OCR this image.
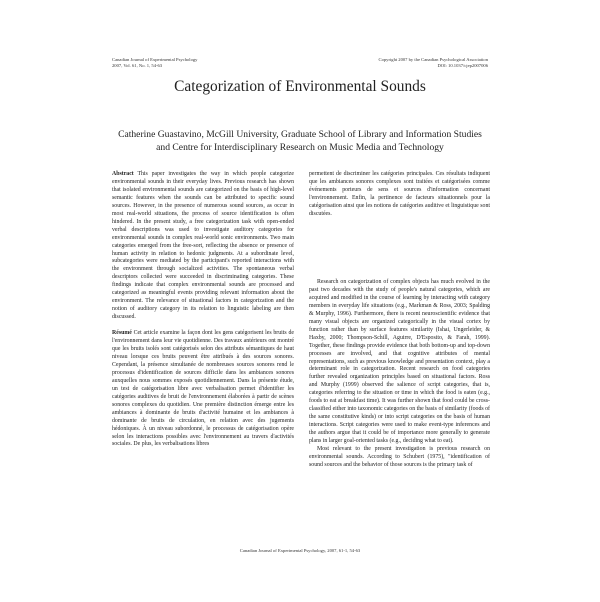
Canadian Journal of Experimental Psychology
2007, Vol. 61, No. 1, 54-63
Copyright 2007 by the Canadian Psychological Association
DOI: 10.1037/cjep2007006
Categorization of Environmental Sounds
Catherine Guastavino, McGill University, Graduate School of Library and Information Studies and Centre for Interdisciplinary Research on Music Media and Technology

Abstract This paper investigates the way in which people categorize environmental sounds in their everyday lives. Previous research has shown that isolated environmental sounds are categorized on the basis of high-level semantic features when the sounds can be attributed to specific sound sources. However, in the presence of numerous sound sources, as occur in most real-world situations, the process of source identification is often hindered. In the present study, a free categorization task with open-ended verbal descriptions was used to investigate auditory categories for environmental sounds in complex real-world sonic environments. Two main categories emerged from the free-sort, reflecting the absence or presence of human activity in relation to hedonic judgments. At a subordinate level, subcategories were mediated by the participant's reported interactions with the environment through socialized activities. The spontaneous verbal descriptors collected were succeeded in discriminating categories. These findings indicate that complex environmental sounds are processed and categorized as meaningful events providing relevant information about the environment. The relevance of situational factors in categorization and the notion of auditory category in its relation to linguistic labeling are then discussed.

Résumé Cet article examine la façon dont les gens catégorisent les bruits de l'environnement dans leur vie quotidienne. Des travaux antérieurs ont montré que les bruits isolés sont catégorisés selon des attributs sémantiques de haut niveau lorsque ces bruits peuvent être attribués à des sources sonores. Cependant, la présence simultanée de nombreuses sources sonores rend le processus d'identification de sources difficile dans les ambiances sonores auxquelles nous sommes exposés quotidiennement. Dans la présente étude, un test de catégorisation libre avec verbalisation permet d'identifier les catégories auditives de bruit de l'environnement élaborées à partir de scènes sonores complexes du quotidien. Une première distinction émerge entre les ambiances à dominante de bruits d'activité humaine et les ambiances à dominante de bruits de circulation, en relation avec des jugements hédoniques. À un niveau subordonné, le processus de catégorisation opère selon les interactions possibles avec l'environnement au travers d'activités sociales. De plus, les verbalisations libres

permettent de discriminer les catégories principales. Ces résultats indiquent que les ambiances sonores complexes sont traitées et catégorisées comme événements porteurs de sens et sources d'information concernant l'environnement. Enfin, la pertinence de facteurs situationnels pour la catégorisation ainsi que les notions de catégories auditive et linguistique sont discutées.

Research on categorization of complex objects has much evolved in the past two decades with the study of people's natural categories, which are acquired and modified in the course of learning by interacting with category members in everyday life situations (e.g., Markman & Ross, 2003; Spalding & Murphy, 1996). Furthermore, there is recent neuroscientific evidence that many visual objects are organized categorically in the visual cortex by function rather than by surface features similarity (Ishai, Ungerleider, & Haxby, 2000; Thompson-Schill, Aguirre, D'Esposito, & Farah, 1999). Together, these findings provide evidence that both bottom-up and top-down processes are involved, and that cognitive attributes of mental representations, such as previous knowledge and presentation context, play a determinant role in categorization. Recent research on food categories further revealed organization principles based on situational factors. Ross and Murphy (1999) observed the salience of script categories, that is, categories referring to the situation or time in which the food is eaten (e.g., foods to eat at breakfast time). It was further shown that food could be cross-classified either into taxonomic categories on the basis of similarity (foods of the same constitutive kinds) or into script categories on the basis of human interactions. Script categories were used to make event-type inferences and the authors argue that it could be of importance more generally to generate plans in larger goal-oriented tasks (e.g., deciding what to eat).

Most relevant to the present investigation is previous research on environmental sounds. According to Schubert (1975), "identification of sound sources and the behavior of those sources is the primary task of

Canadian Journal of Experimental Psychology, 2007, 61-1, 54-63
